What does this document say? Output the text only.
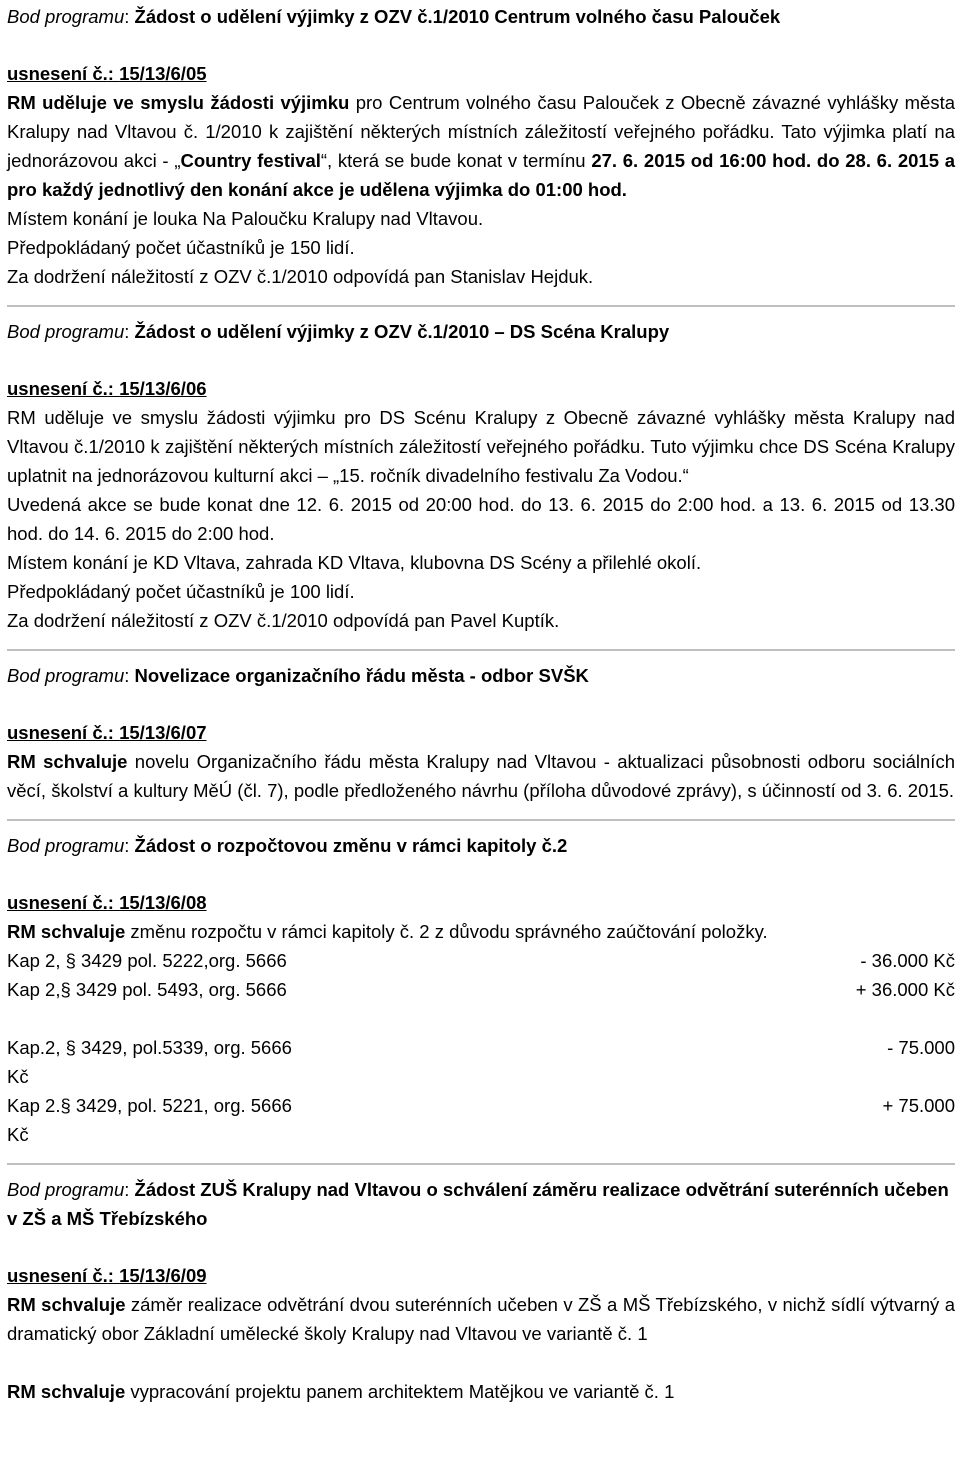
Bod programu: Žádost o udělení výjimky z OZV č.1/2010 Centrum volného času Palouček

usnesení č.: 15/13/6/05

RM uděluje ve smyslu žádosti výjimku pro Centrum volného času Palouček z Obecně závazné vyhlášky města Kralupy nad Vltavou č. 1/2010 k zajištění některých místních záležitostí veřejného pořádku. Tato výjimka platí na jednorázovou akci - „Country festival“, která se bude konat v termínu 27. 6. 2015 od 16:00 hod. do 28. 6. 2015 a pro každý jednotlivý den konání akce je udělena výjimka do 01:00 hod.

Místem konání je louka Na Paloučku Kralupy nad Vltavou.

Předpokládaný počet účastníků je 150 lidí.

Za dodržení náležitostí z OZV č.1/2010 odpovídá pan Stanislav Hejduk.

Bod programu: Žádost o udělení výjimky z OZV č.1/2010 – DS Scéna Kralupy

usnesení č.: 15/13/6/06

RM uděluje ve smyslu žádosti výjimku pro DS Scénu Kralupy z Obecně závazné vyhlášky města Kralupy nad Vltavou č.1/2010 k zajištění některých místních záležitostí veřejného pořádku. Tuto výjimku chce DS Scéna Kralupy uplatnit na jednorázovou kulturní akci – „15. ročník divadelního festivalu Za Vodou.“

Uvedená akce se bude konat dne 12. 6. 2015 od 20:00 hod. do 13. 6. 2015 do 2:00 hod. a 13. 6. 2015 od 13.30 hod. do 14. 6. 2015 do 2:00 hod.

Místem konání je KD Vltava, zahrada KD Vltava, klubovna DS Scény a přilehlé okolí.

Předpokládaný počet účastníků je 100 lidí.

Za dodržení náležitostí z OZV č.1/2010 odpovídá pan Pavel Kuptík.

Bod programu: Novelizace organizačního řádu města - odbor SVŠK

usnesení č.: 15/13/6/07

RM schvaluje novelu Organizačního řádu města Kralupy nad Vltavou - aktualizaci působnosti odboru sociálních věcí, školství a kultury MěÚ (čl. 7), podle předloženého návrhu (příloha důvodové zprávy), s účinností od 3. 6. 2015.

Bod programu: Žádost o rozpočtovou změnu v rámci kapitoly č.2

usnesení č.: 15/13/6/08

RM schvaluje změnu rozpočtu v rámci kapitoly č. 2 z důvodu správného zaúčtování položky.

Kap 2, § 3429 pol. 5222,org. 5666	- 36.000 Kč
Kap 2,§ 3429 pol. 5493, org. 5666	+ 36.000 Kč
Kap.2, § 3429, pol.5339, org. 5666	- 75.000

Kč

Kap 2.§ 3429, pol. 5221, org. 5666	+ 75.000

Kč

Bod programu: Žádost ZUŠ Kralupy nad Vltavou o schválení záměru realizace odvětrání suterénních učeben v ZŠ a MŠ Třebízského

usnesení č.: 15/13/6/09

RM schvaluje záměr realizace odvětrání dvou suterénních učeben v ZŠ a MŠ Třebízského, v nichž sídlí výtvarný a dramatický obor Základní umělecké školy Kralupy nad Vltavou ve variantě č. 1

RM schvaluje vypracování projektu panem architektem Matějkou ve variantě č. 1
